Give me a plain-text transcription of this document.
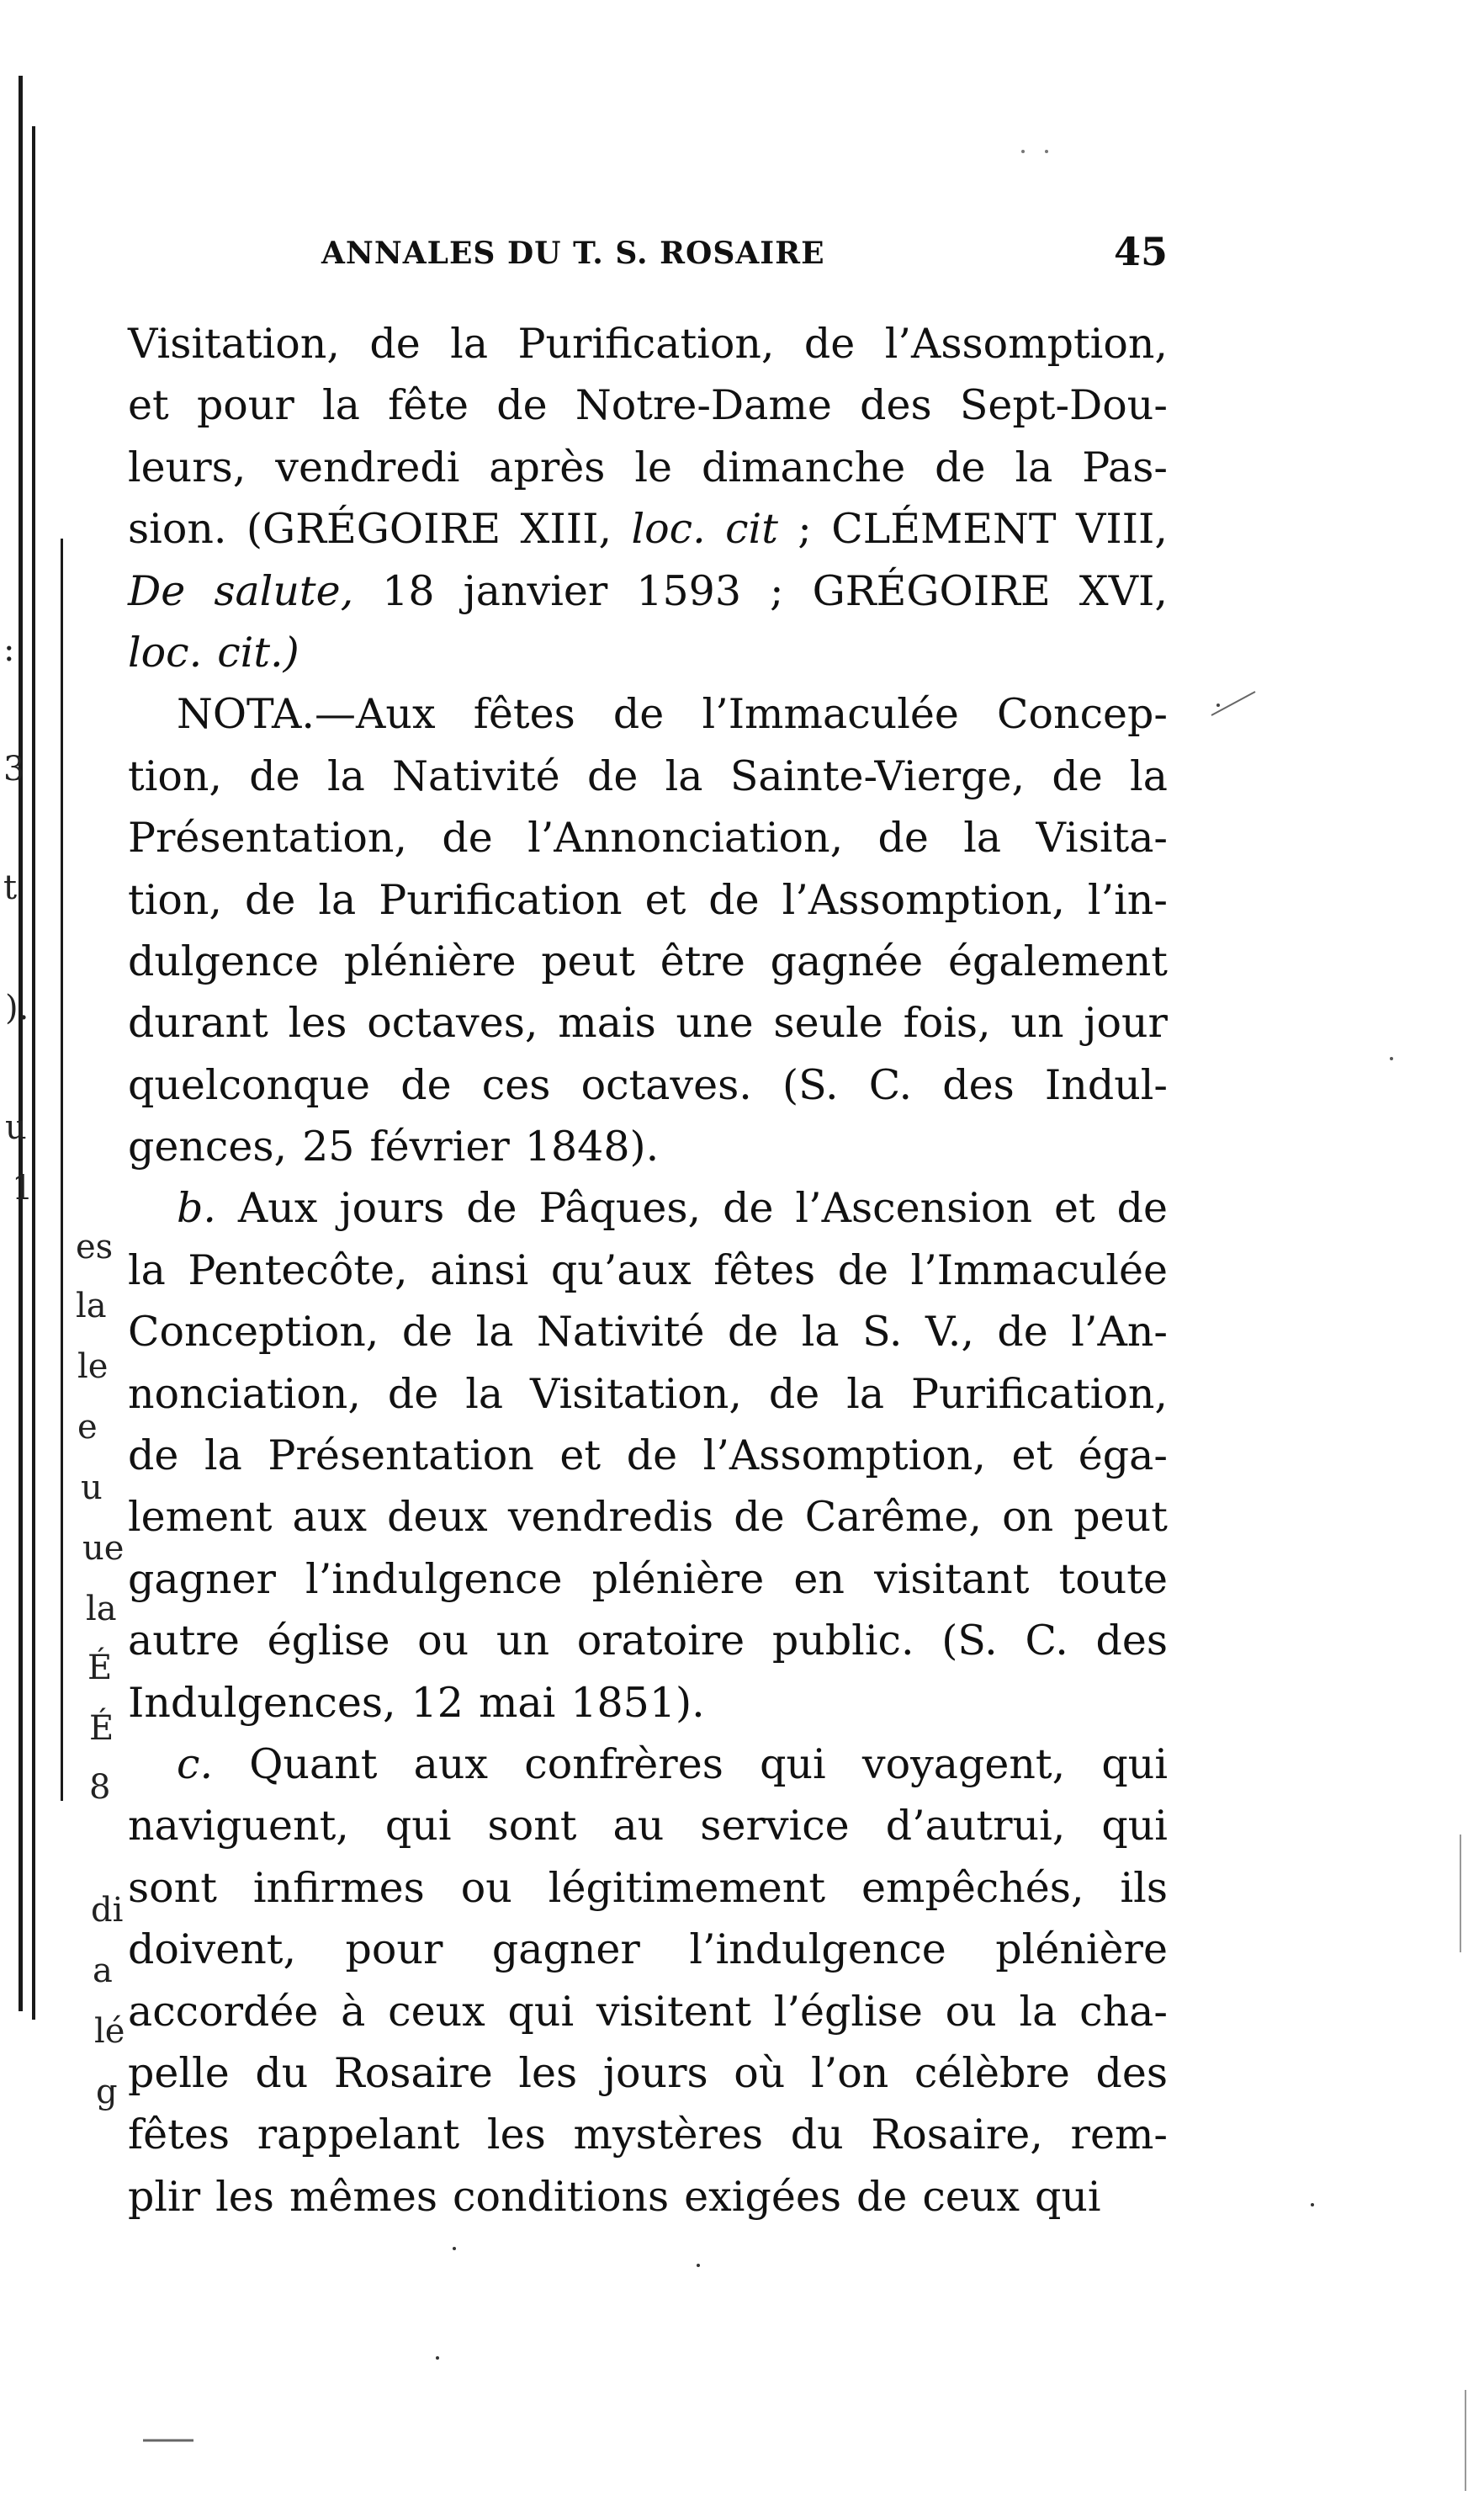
:
3
t
).
u
1
es
la
le
e
u
ue
la
É
É
8
di
a
lé
g
ANNALES DU T. S. ROSAIRE	45
Visitation, de la Purification, de l’Assomption,
et pour la fête de Notre-Dame des Sept-Dou-
leurs, vendredi après le dimanche de la Pas-
sion. (GRÉGOIRE XIII, loc. cit ; CLÉMENT VIII,
De salute, 18 janvier 1593 ; GRÉGOIRE XVI,
loc. cit.)
NOTA.—Aux fêtes de l’Immaculée Concep-
tion, de la Nativité de la Sainte-Vierge, de la
Présentation, de l’Annonciation, de la Visita-
tion, de la Purification et de l’Assomption, l’in-
dulgence plénière peut être gagnée également
durant les octaves, mais une seule fois, un jour
quelconque de ces octaves. (S. C. des Indul-
gences, 25 février 1848).
b. Aux jours de Pâques, de l’Ascension et de
la Pentecôte, ainsi qu’aux fêtes de l’Immaculée
Conception, de la Nativité de la S. V., de l’An-
nonciation, de la Visitation, de la Purification,
de la Présentation et de l’Assomption, et éga-
lement aux deux vendredis de Carême, on peut
gagner l’indulgence plénière en visitant toute
autre église ou un oratoire public. (S. C. des
Indulgences, 12 mai 1851).
c. Quant aux confrères qui voyagent, qui
naviguent, qui sont au service d’autrui, qui
sont infirmes ou légitimement empêchés, ils
doivent, pour gagner l’indulgence plénière
accordée à ceux qui visitent l’église ou la cha-
pelle du Rosaire les jours où l’on célèbre des
fêtes rappelant les mystères du Rosaire, rem-
plir les mêmes conditions exigées de ceux qui
